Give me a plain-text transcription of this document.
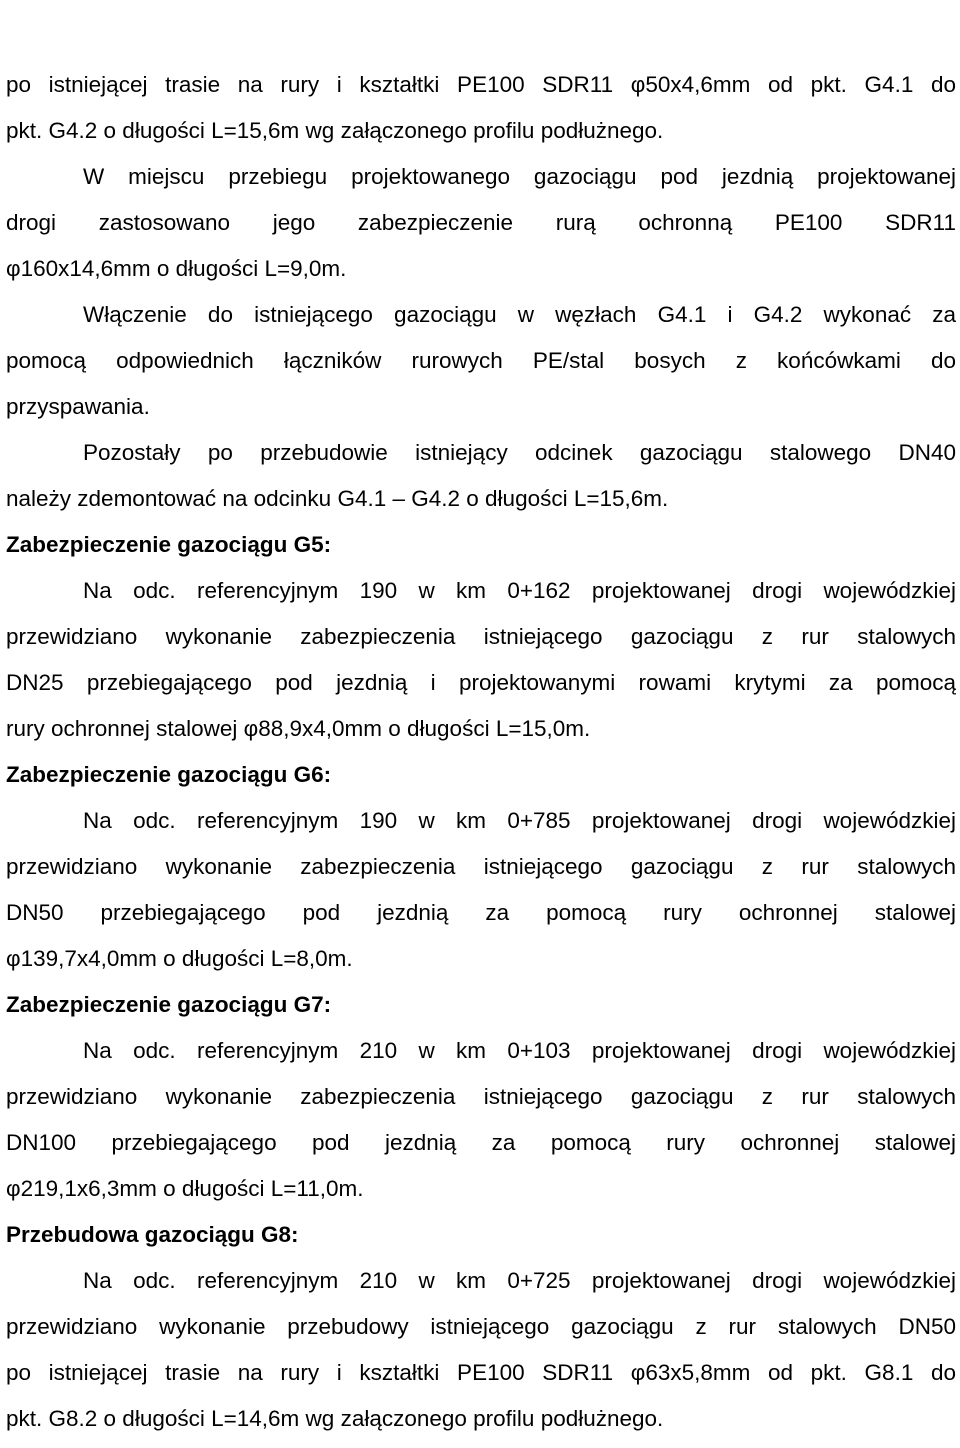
po istniejącej trasie na rury i kształtki PE100 SDR11 φ50x4,6mm od pkt. G4.1 do
pkt. G4.2 o długości L=15,6m wg załączonego profilu podłużnego.
W miejscu przebiegu projektowanego gazociągu pod jezdnią projektowanej
drogi zastosowano jego zabezpieczenie rurą ochronną PE100 SDR11
φ160x14,6mm o długości L=9,0m.
Włączenie do istniejącego gazociągu w węzłach G4.1 i G4.2 wykonać za
pomocą odpowiednich łączników rurowych PE/stal bosych z końcówkami do
przyspawania.
Pozostały po przebudowie istniejący odcinek gazociągu stalowego DN40
należy zdemontować na odcinku G4.1 – G4.2 o długości L=15,6m.
Zabezpieczenie gazociągu G5:
Na odc. referencyjnym 190 w km 0+162 projektowanej drogi wojewódzkiej
przewidziano wykonanie zabezpieczenia istniejącego gazociągu z rur stalowych
DN25 przebiegającego pod jezdnią i projektowanymi rowami krytymi za pomocą
rury ochronnej stalowej φ88,9x4,0mm o długości L=15,0m.
Zabezpieczenie gazociągu G6:
Na odc. referencyjnym 190 w km 0+785 projektowanej drogi wojewódzkiej
przewidziano wykonanie zabezpieczenia istniejącego gazociągu z rur stalowych
DN50 przebiegającego pod jezdnią za pomocą rury ochronnej stalowej
φ139,7x4,0mm o długości L=8,0m.
Zabezpieczenie gazociągu G7:
Na odc. referencyjnym 210 w km 0+103 projektowanej drogi wojewódzkiej
przewidziano wykonanie zabezpieczenia istniejącego gazociągu z rur stalowych
DN100 przebiegającego pod jezdnią za pomocą rury ochronnej stalowej
φ219,1x6,3mm o długości L=11,0m.
Przebudowa gazociągu G8:
Na odc. referencyjnym 210 w km 0+725 projektowanej drogi wojewódzkiej
przewidziano wykonanie przebudowy istniejącego gazociągu z rur stalowych DN50
po istniejącej trasie na rury i kształtki PE100 SDR11 φ63x5,8mm od pkt. G8.1 do
pkt. G8.2 o długości L=14,6m wg załączonego profilu podłużnego.
